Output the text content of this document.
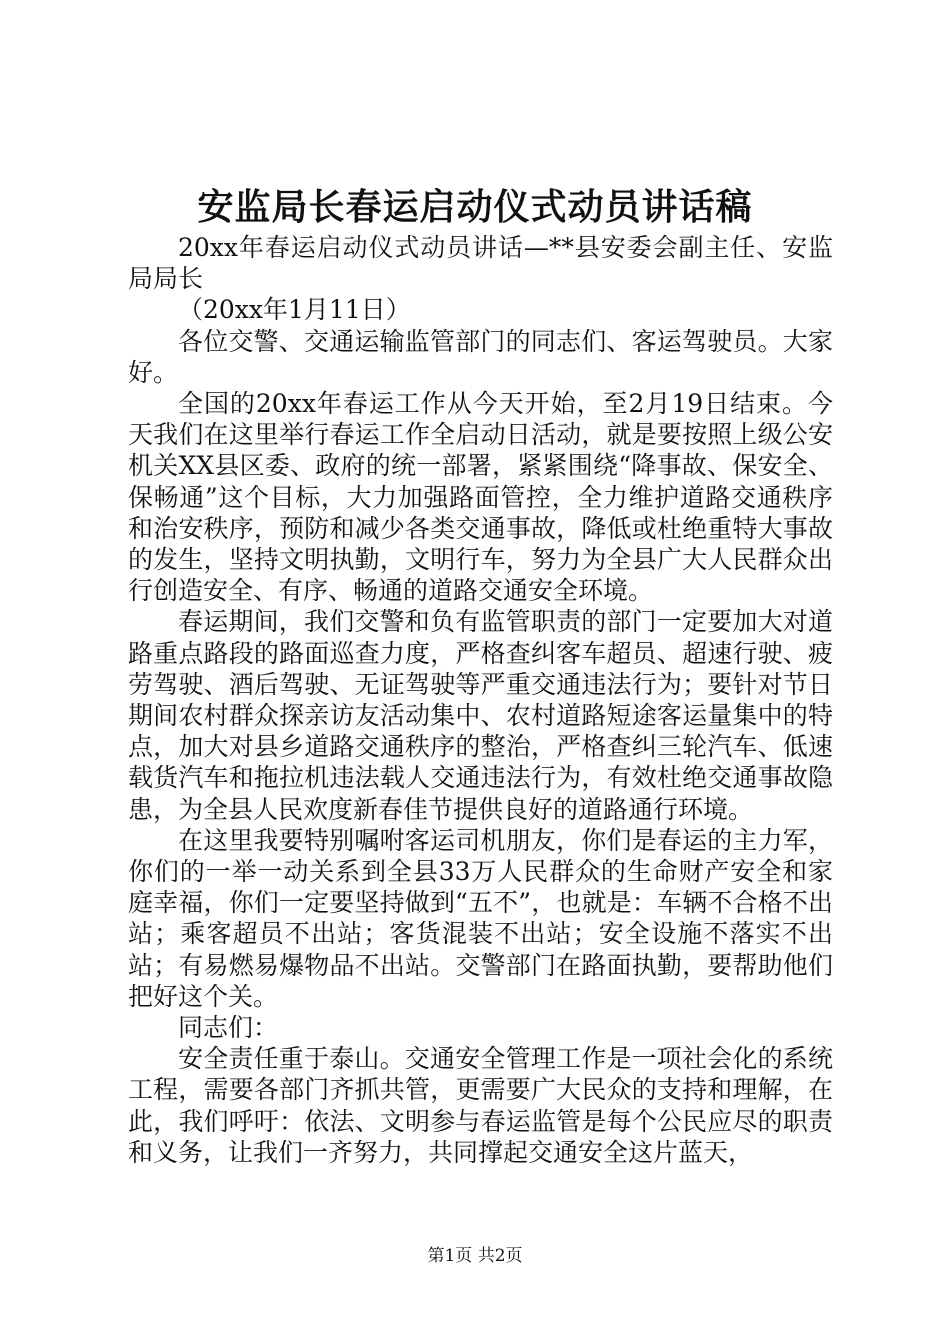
安监局长春运启动仪式动员讲话稿

20xx年春运启动仪式动员讲话—**县安委会副主任、安监局局长

（20xx年1月11日）

各位交警、交通运输监管部门的同志们、客运驾驶员。大家好。

全国的20xx年春运工作从今天开始，至2月19日结束。今天我们在这里举行春运工作全启动日活动，就是要按照上级公安机关XX县区委、政府的统一部署，紧紧围绕“降事故、保安全、保畅通”这个目标，大力加强路面管控，全力维护道路交通秩序和治安秩序，预防和减少各类交通事故，降低或杜绝重特大事故的发生，坚持文明执勤，文明行车，努力为全县广大人民群众出行创造安全、有序、畅通的道路交通安全环境。

春运期间，我们交警和负有监管职责的部门一定要加大对道路重点路段的路面巡查力度，严格查纠客车超员、超速行驶、疲劳驾驶、酒后驾驶、无证驾驶等严重交通违法行为；要针对节日期间农村群众探亲访友活动集中、农村道路短途客运量集中的特点，加大对县乡道路交通秩序的整治，严格查纠三轮汽车、低速载货汽车和拖拉机违法载人交通违法行为，有效杜绝交通事故隐患，为全县人民欢度新春佳节提供良好的道路通行环境。

在这里我要特别嘱咐客运司机朋友，你们是春运的主力军，你们的一举一动关系到全县33万人民群众的生命财产安全和家庭幸福，你们一定要坚持做到“五不”，也就是：车辆不合格不出站；乘客超员不出站；客货混装不出站；安全设施不落实不出站；有易燃易爆物品不出站。交警部门在路面执勤，要帮助他们把好这个关。

同志们：

安全责任重于泰山。交通安全管理工作是一项社会化的系统工程，需要各部门齐抓共管，更需要广大民众的支持和理解，在此，我们呼吁：依法、文明参与春运监管是每个公民应尽的职责和义务，让我们一齐努力，共同撑起交通安全这片蓝天，

第1页 共2页
